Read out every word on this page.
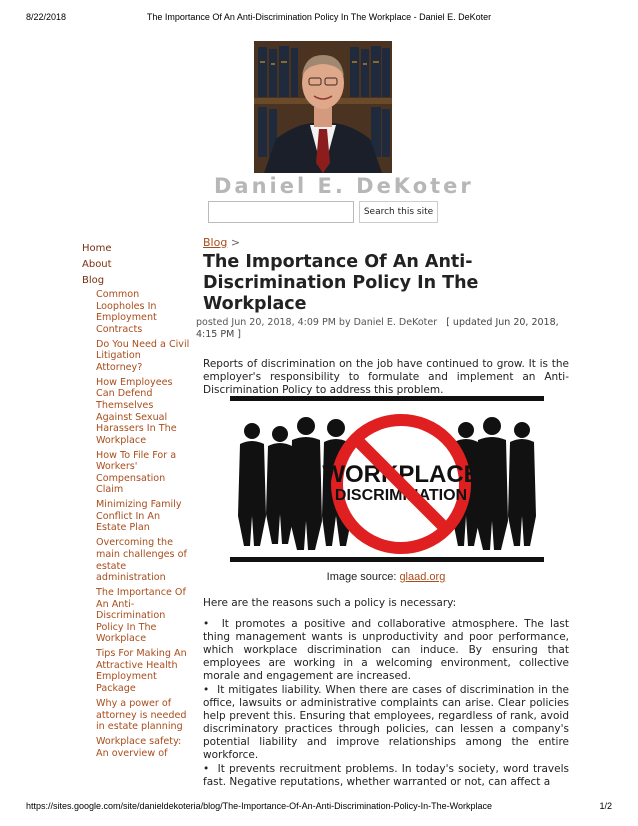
8/22/2018	The Importance Of An Anti-Discrimination Policy In The Workplace - Daniel E. DeKoter
Daniel E. DeKoter
Search this site
Home
About
Blog
Common Loopholes In Employment Contracts
Do You Need a Civil Litigation Attorney?
How Employees Can Defend Themselves Against Sexual Harassers In The Workplace
How To File For a Workers' Compensation Claim
Minimizing Family Conflict In An Estate Plan
Overcoming the main challenges of estate administration
The Importance Of An Anti-Discrimination Policy In The Workplace
Tips For Making An Attractive Health Employment Package
Why a power of attorney is needed in estate planning
Workplace safety: An overview of
Blog >
The Importance Of An Anti-Discrimination Policy In The Workplace
posted Jun 20, 2018, 4:09 PM by Daniel E. DeKoter [ updated Jun 20, 2018, 4:15 PM ]

Reports of discrimination on the job have continued to grow. It is the employer's responsibility to formulate and implement an Anti-Discrimination Policy to address this problem.

WORKPLACE
DISCRIMINATION
Image source: glaad.org
Here are the reasons such a policy is necessary:

•  It promotes a positive and collaborative atmosphere. The last thing management wants is unproductivity and poor performance, which workplace discrimination can induce. By ensuring that employees are working in a welcoming environment, collective morale and engagement are increased.

•  It mitigates liability. When there are cases of discrimination in the office, lawsuits or administrative complaints can arise. Clear policies help prevent this. Ensuring that employees, regardless of rank, avoid discriminatory practices through policies, can lessen a company's potential liability and improve relationships among the entire workforce.

•  It prevents recruitment problems. In today's society, word travels fast. Negative reputations, whether warranted or not, can affect a

https://sites.google.com/site/danieldekoteria/blog/The-Importance-Of-An-Anti-Discrimination-Policy-In-The-Workplace	1/2
